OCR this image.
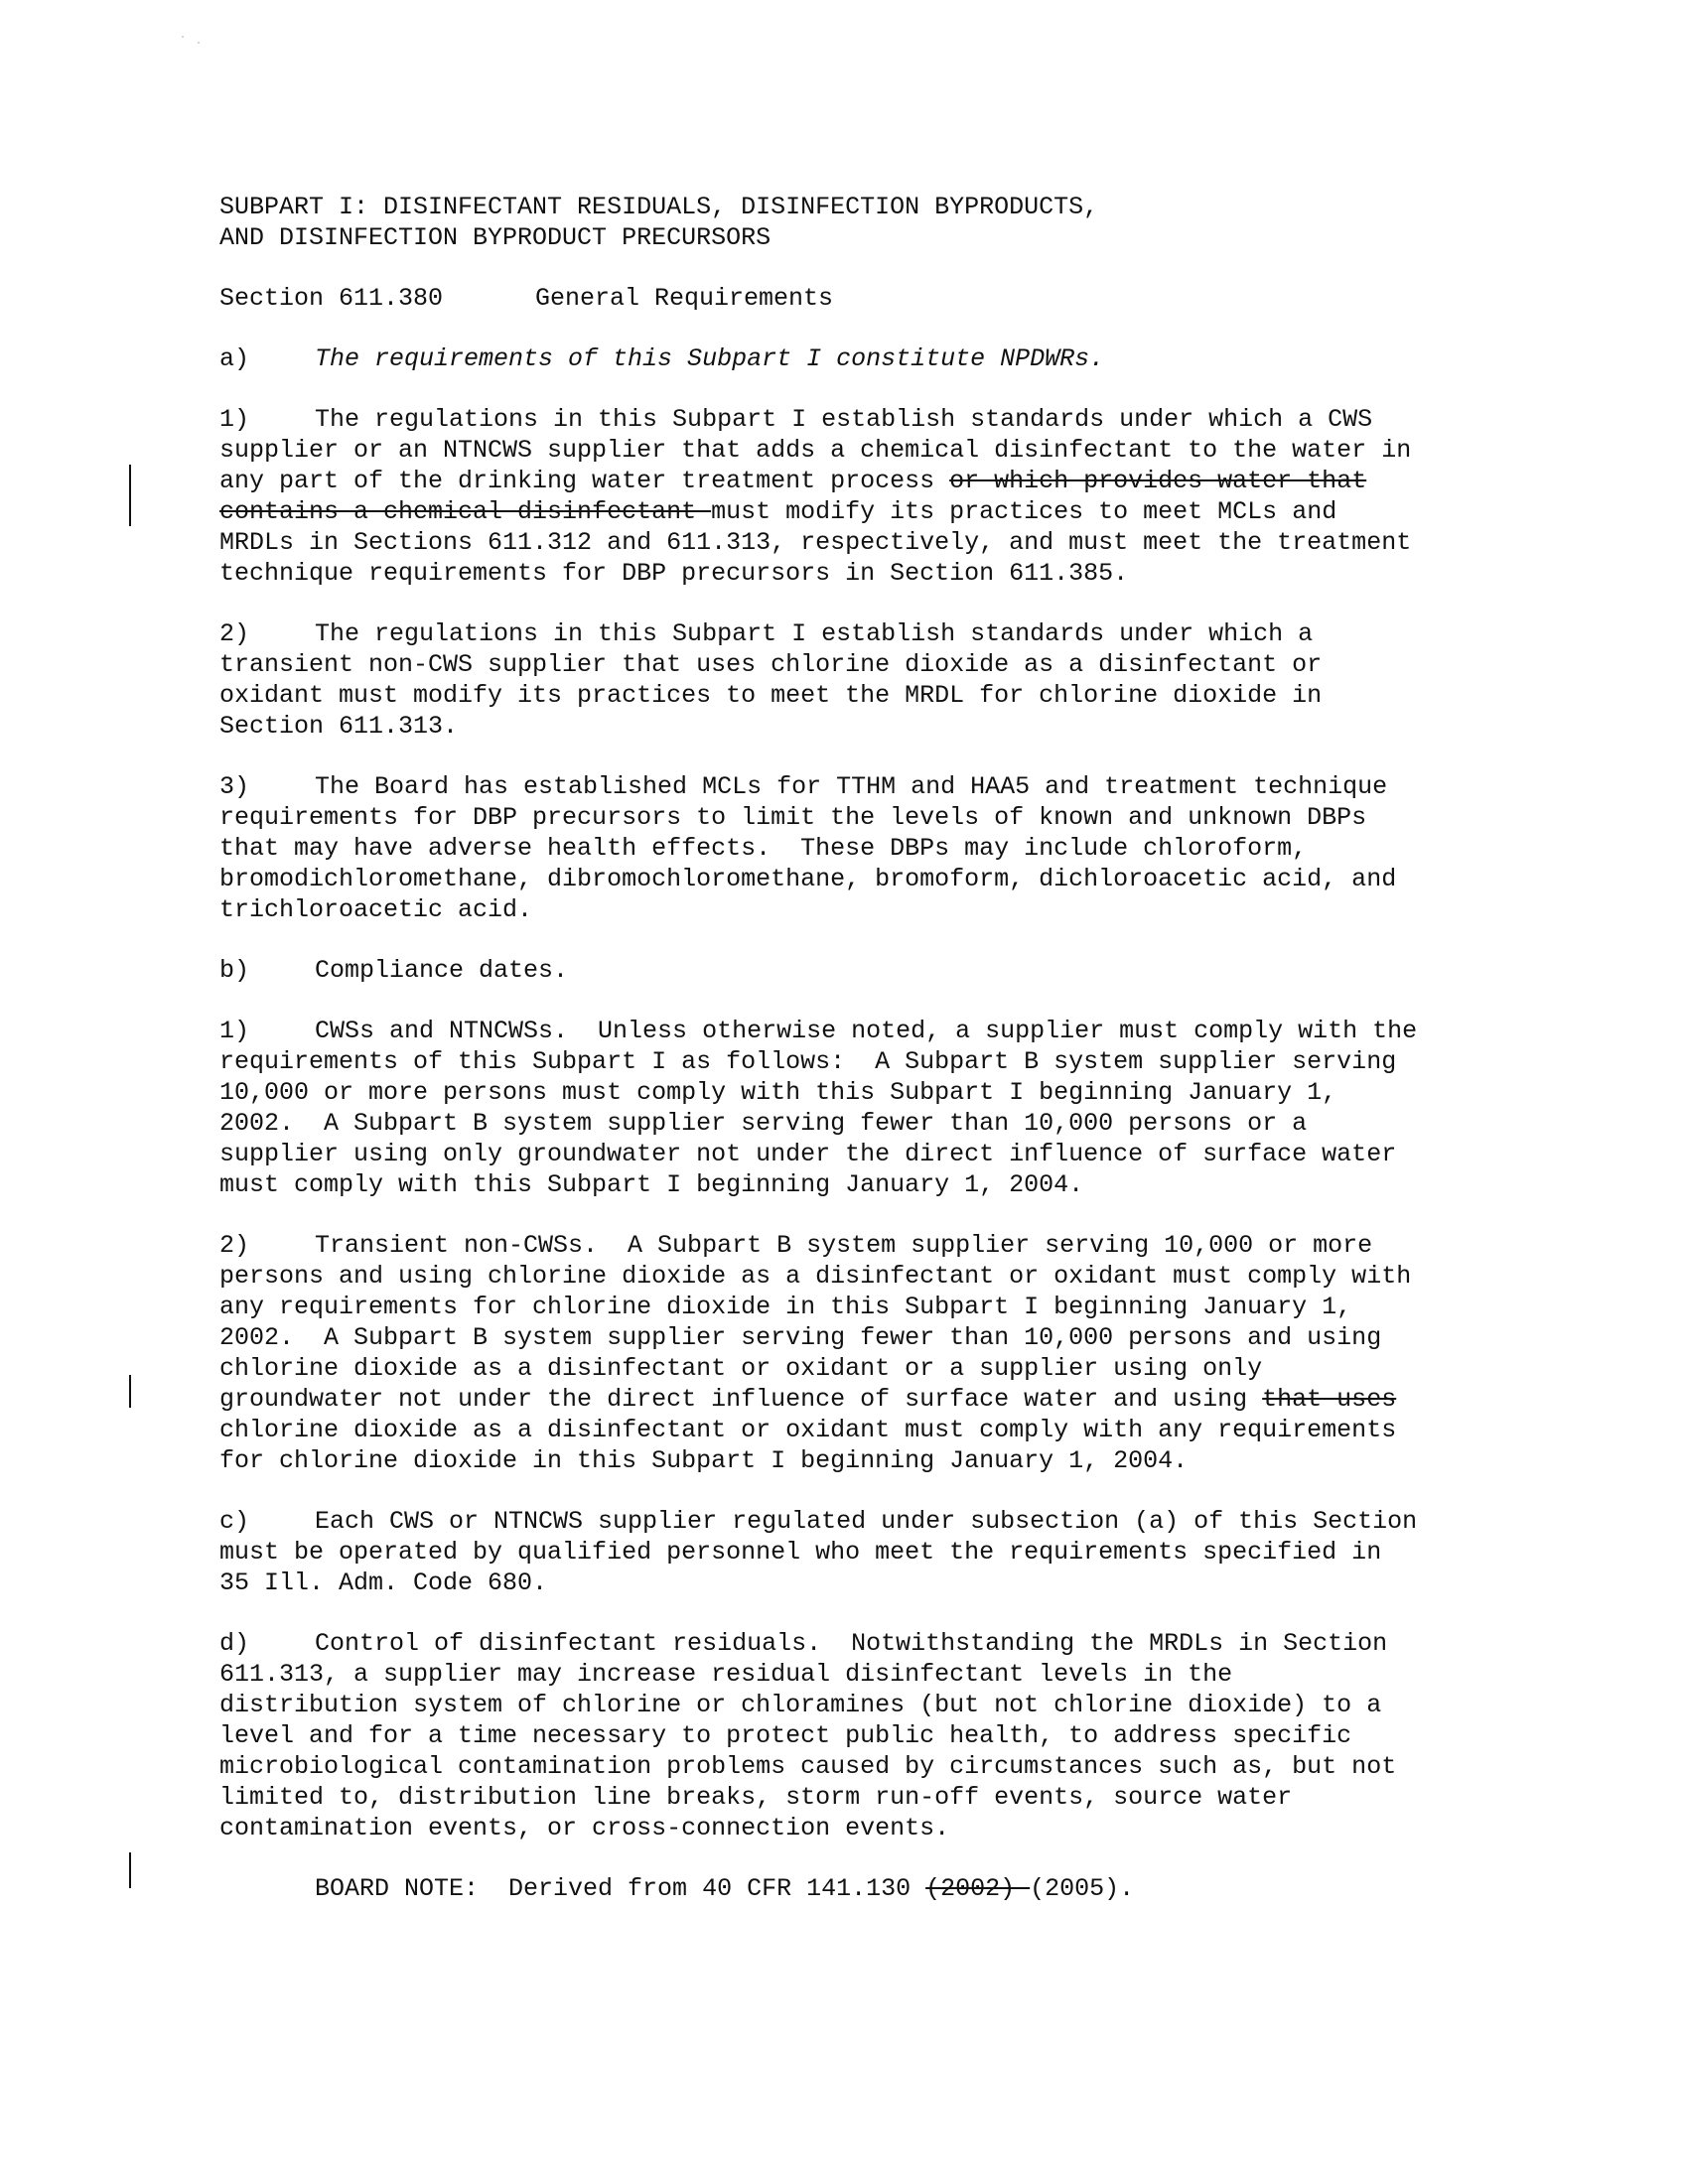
SUBPART I: DISINFECTANT RESIDUALS, DISINFECTION BYPRODUCTS,
AND DISINFECTION BYPRODUCT PRECURSORS
Section 611.380	General Requirements
a)	The requirements of this Subpart I constitute NPDWRs.
1)	The regulations in this Subpart I establish standards under which a CWS
supplier or an NTNCWS supplier that adds a chemical disinfectant to the water in
any part of the drinking water treatment process or which provides water that
contains a chemical disinfectant must modify its practices to meet MCLs and
MRDLs in Sections 611.312 and 611.313, respectively, and must meet the treatment
technique requirements for DBP precursors in Section 611.385.
2)	The regulations in this Subpart I establish standards under which a
transient non-CWS supplier that uses chlorine dioxide as a disinfectant or
oxidant must modify its practices to meet the MRDL for chlorine dioxide in
Section 611.313.
3)	The Board has established MCLs for TTHM and HAA5 and treatment technique
requirements for DBP precursors to limit the levels of known and unknown DBPs
that may have adverse health effects.  These DBPs may include chloroform,
bromodichloromethane, dibromochloromethane, bromoform, dichloroacetic acid, and
trichloroacetic acid.
b)	Compliance dates.
1)	CWSs and NTNCWSs.  Unless otherwise noted, a supplier must comply with the
requirements of this Subpart I as follows:  A Subpart B system supplier serving
10,000 or more persons must comply with this Subpart I beginning January 1,
2002.  A Subpart B system supplier serving fewer than 10,000 persons or a
supplier using only groundwater not under the direct influence of surface water
must comply with this Subpart I beginning January 1, 2004.
2)	Transient non-CWSs.  A Subpart B system supplier serving 10,000 or more
persons and using chlorine dioxide as a disinfectant or oxidant must comply with
any requirements for chlorine dioxide in this Subpart I beginning January 1,
2002.  A Subpart B system supplier serving fewer than 10,000 persons and using
chlorine dioxide as a disinfectant or oxidant or a supplier using only
groundwater not under the direct influence of surface water and using that uses
chlorine dioxide as a disinfectant or oxidant must comply with any requirements
for chlorine dioxide in this Subpart I beginning January 1, 2004.
c)	Each CWS or NTNCWS supplier regulated under subsection (a) of this Section
must be operated by qualified personnel who meet the requirements specified in
35 Ill. Adm. Code 680.
d)	Control of disinfectant residuals.  Notwithstanding the MRDLs in Section
611.313, a supplier may increase residual disinfectant levels in the
distribution system of chlorine or chloramines (but not chlorine dioxide) to a
level and for a time necessary to protect public health, to address specific
microbiological contamination problems caused by circumstances such as, but not
limited to, distribution line breaks, storm run-off events, source water
contamination events, or cross-connection events.
BOARD NOTE:  Derived from 40 CFR 141.130 (2002) (2005).
